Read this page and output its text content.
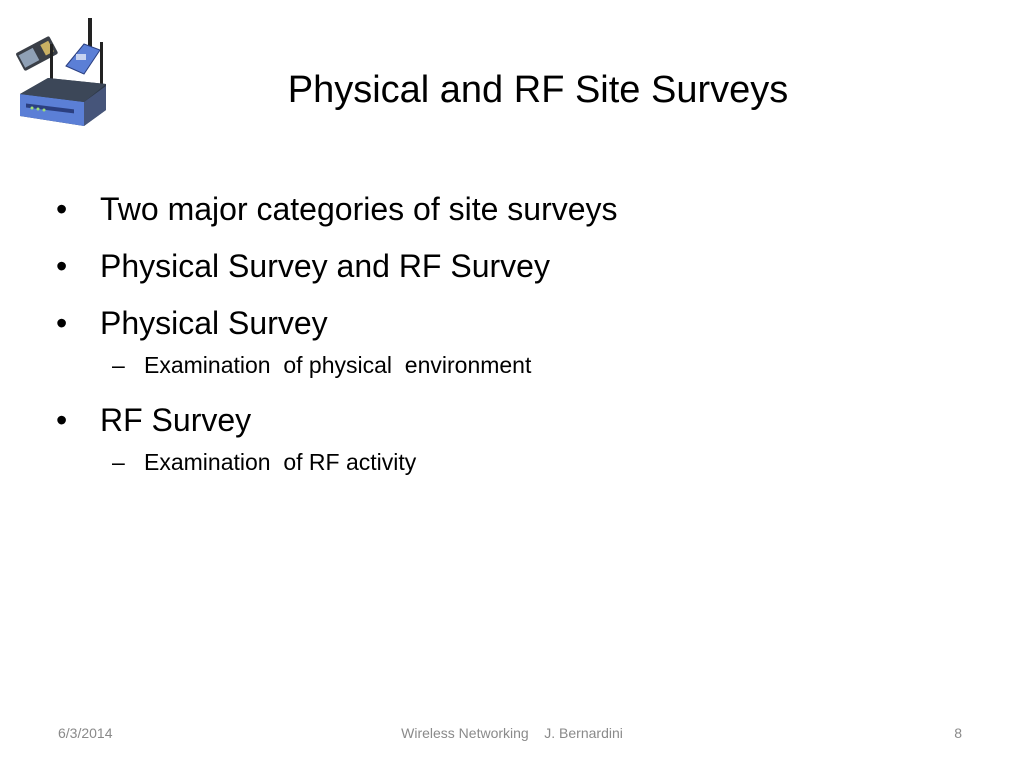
Physical and RF Site Surveys
•	Two major categories of site surveys
•	Physical Survey and RF Survey
•	Physical Survey
– Examination  of physical  environment
•	RF Survey
– Examination  of RF activity
6/3/2014	Wireless Networking    J. Bernardini	8
